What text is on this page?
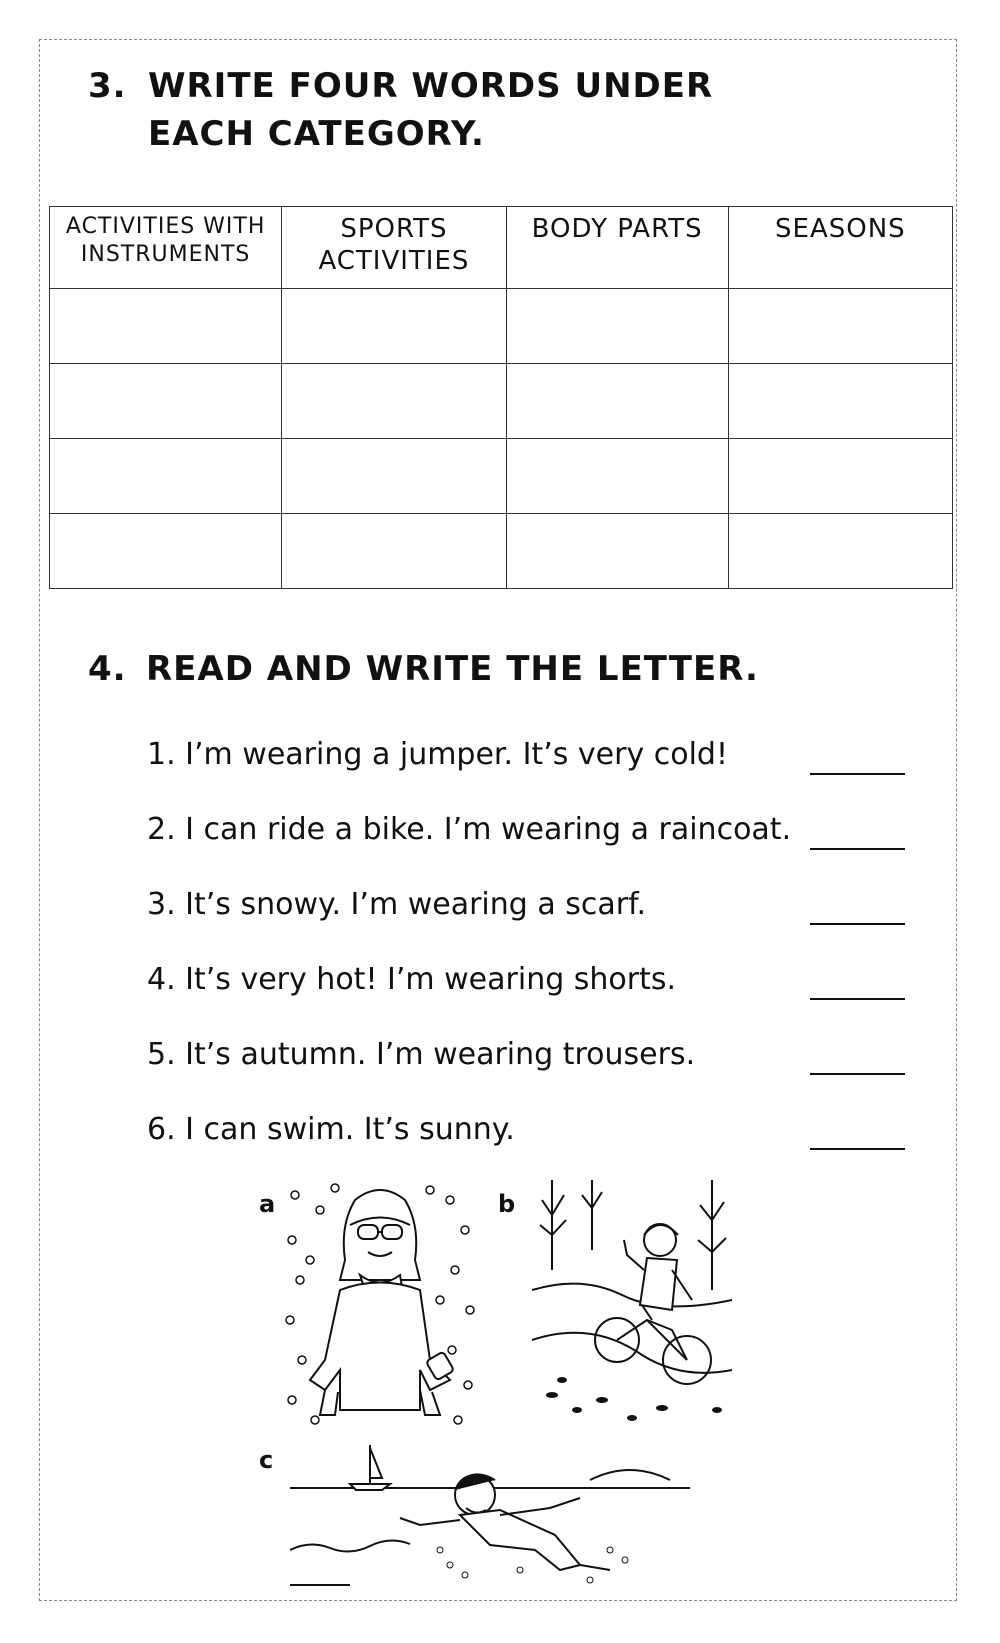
3. WRITE FOUR WORDS UNDER EACH CATEGORY.
ACTIVITIES WITH INSTRUMENTS	SPORTS ACTIVITIES	BODY PARTS	SEASONS

4. READ AND WRITE THE LETTER.
1. I’m wearing a jumper. It’s very cold!
2. I can ride a bike. I’m wearing a raincoat.
3. It’s snowy. I’m wearing a scarf.
4. It’s very hot! I’m wearing shorts.
5. It’s autumn. I’m wearing trousers.
6. I can swim. It’s sunny.
a	b
c
